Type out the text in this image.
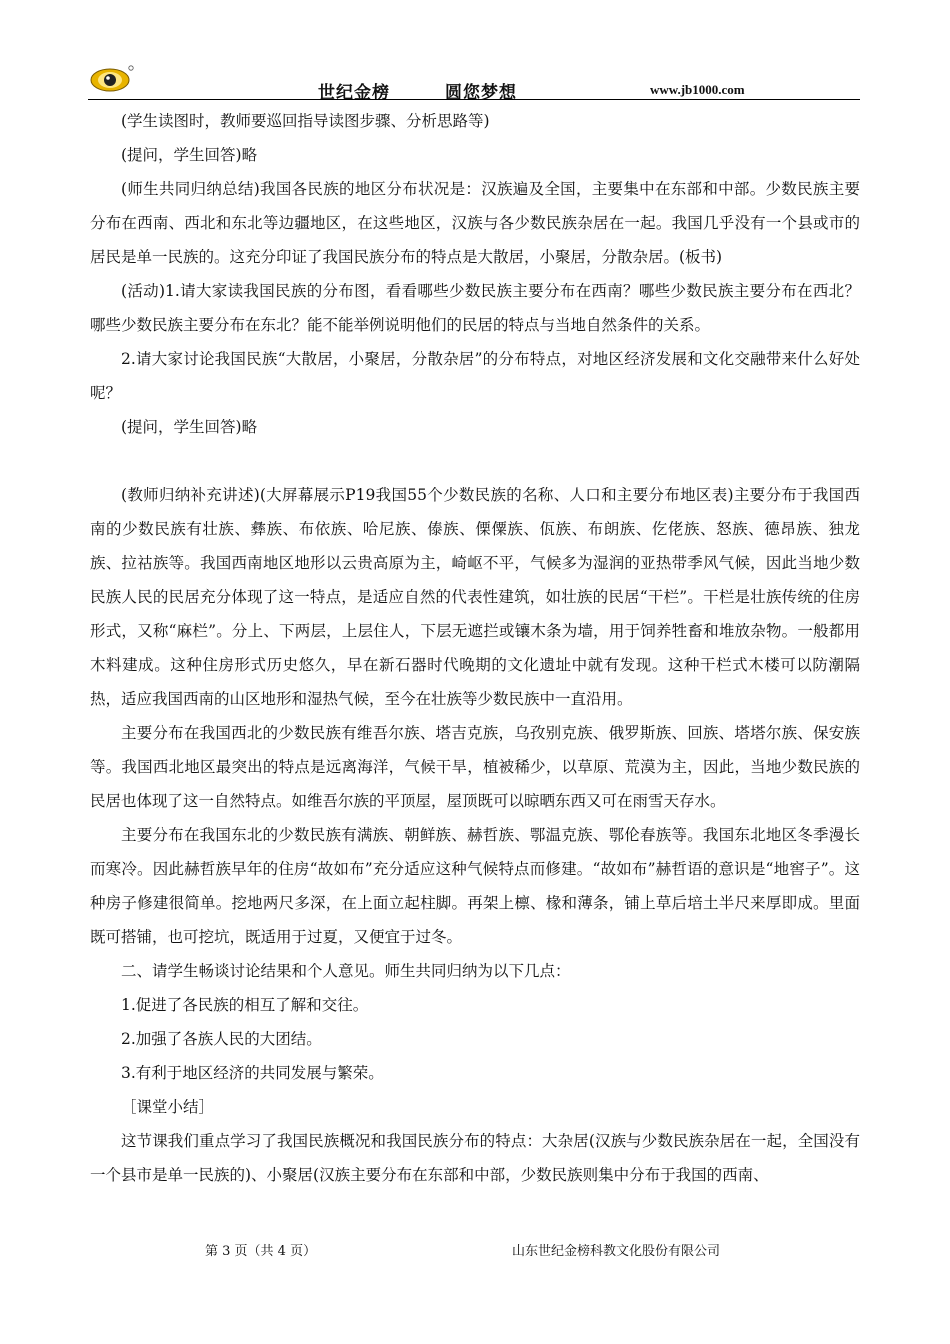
世纪金榜	圆您梦想	www.jb1000.com

(学生读图时，教师要巡回指导读图步骤、分析思路等)

(提问，学生回答)略

(师生共同归纳总结)我国各民族的地区分布状况是：汉族遍及全国，主要集中在东部和中部。少数民族主要分布在西南、西北和东北等边疆地区，在这些地区，汉族与各少数民族杂居在一起。我国几乎没有一个县或市的居民是单一民族的。这充分印证了我国民族分布的特点是大散居，小聚居，分散杂居。(板书)

(活动)1.请大家读我国民族的分布图，看看哪些少数民族主要分布在西南？哪些少数民族主要分布在西北？哪些少数民族主要分布在东北？能不能举例说明他们的民居的特点与当地自然条件的关系。

2.请大家讨论我国民族“大散居，小聚居，分散杂居”的分布特点，对地区经济发展和文化交融带来什么好处呢？

(提问，学生回答)略

(教师归纳补充讲述)(大屏幕展示P19我国55个少数民族的名称、人口和主要分布地区表)主要分布于我国西南的少数民族有壮族、彝族、布依族、哈尼族、傣族、傈僳族、佤族、布朗族、仡佬族、怒族、德昂族、独龙族、拉祜族等。我国西南地区地形以云贵高原为主，崎岖不平，气候多为湿润的亚热带季风气候，因此当地少数民族人民的民居充分体现了这一特点，是适应自然的代表性建筑，如壮族的民居“干栏”。干栏是壮族传统的住房形式，又称“麻栏”。分上、下两层，上层住人，下层无遮拦或镶木条为墙，用于饲养牲畜和堆放杂物。一般都用木料建成。这种住房形式历史悠久，早在新石器时代晚期的文化遗址中就有发现。这种干栏式木楼可以防潮隔热，适应我国西南的山区地形和湿热气候，至今在壮族等少数民族中一直沿用。

主要分布在我国西北的少数民族有维吾尔族、塔吉克族，乌孜别克族、俄罗斯族、回族、塔塔尔族、保安族等。我国西北地区最突出的特点是远离海洋，气候干旱，植被稀少，以草原、荒漠为主，因此，当地少数民族的民居也体现了这一自然特点。如维吾尔族的平顶屋，屋顶既可以晾晒东西又可在雨雪天存水。

主要分布在我国东北的少数民族有满族、朝鲜族、赫哲族、鄂温克族、鄂伦春族等。我国东北地区冬季漫长而寒冷。因此赫哲族早年的住房“故如布”充分适应这种气候特点而修建。“故如布”赫哲语的意识是“地窖子”。这种房子修建很简单。挖地两尺多深，在上面立起柱脚。再架上檩、椽和薄条，铺上草后培土半尺来厚即成。里面既可搭铺，也可挖坑，既适用于过夏，又便宜于过冬。

二、请学生畅谈讨论结果和个人意见。师生共同归纳为以下几点：

1.促进了各民族的相互了解和交往。

2.加强了各族人民的大团结。

3.有利于地区经济的共同发展与繁荣。

［课堂小结］

这节课我们重点学习了我国民族概况和我国民族分布的特点：大杂居(汉族与少数民族杂居在一起，全国没有一个县市是单一民族的)、小聚居(汉族主要分布在东部和中部，少数民族则集中分布于我国的西南、

第 3 页（共 4 页）	山东世纪金榜科教文化股份有限公司
